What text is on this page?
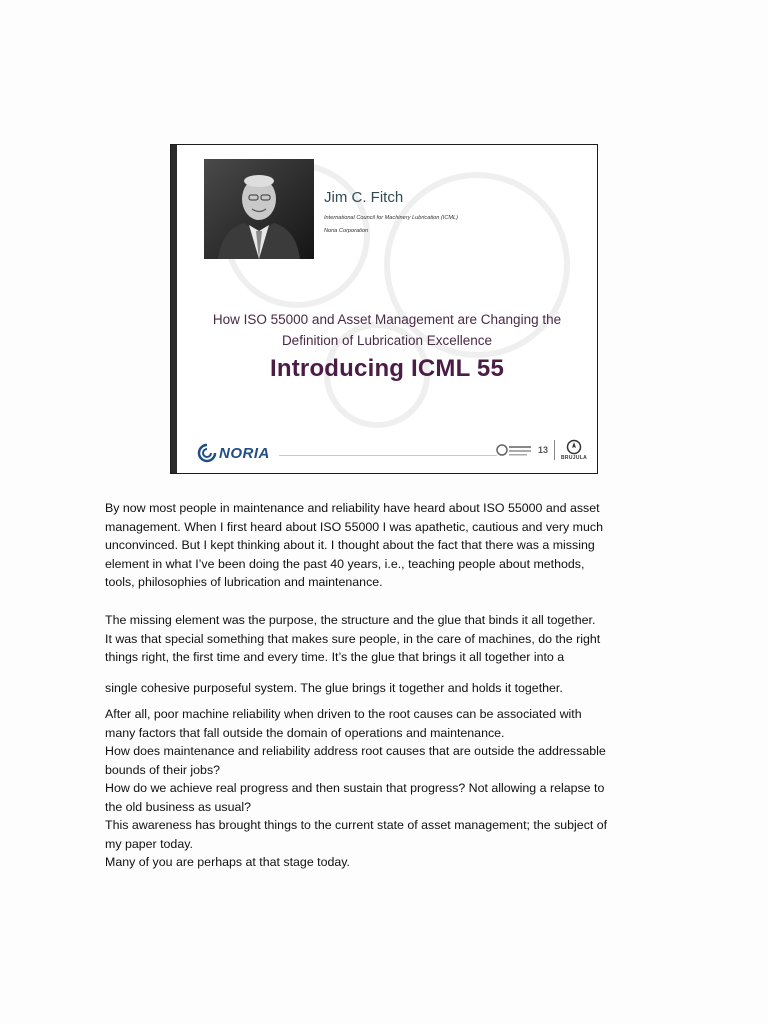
Jim C. Fitch
International Council for Machinery Lubrication (ICML)
Noria Corporation
How ISO 55000 and Asset Management are Changing the
Definition of Lubrication Excellence
Introducing ICML 55
NORIA	13
BRUJULA

By now most people in maintenance and reliability have heard about ISO 55000 and asset

management. When I first heard about ISO 55000 I was apathetic, cautious and very much

unconvinced. But I kept thinking about it. I thought about the fact that there was a missing

element in what I’ve been doing the past 40 years, i.e., teaching people about methods,

tools, philosophies of lubrication and maintenance.

The missing element was the purpose, the structure and the glue that binds it all together.

It was that special something that makes sure people, in the care of machines, do the right

things right, the first time and every time. It’s the glue that brings it all together into a

single cohesive purposeful system. The glue brings it together and holds it together.

After all, poor machine reliability when driven to the root causes can be associated with

many factors that fall outside the domain of operations and maintenance.

How does maintenance and reliability address root causes that are outside the addressable

bounds of their jobs?

How do we achieve real progress and then sustain that progress? Not allowing a relapse to

the old business as usual?

This awareness has brought things to the current state of asset management; the subject of

my paper today.

Many of you are perhaps at that stage today.
